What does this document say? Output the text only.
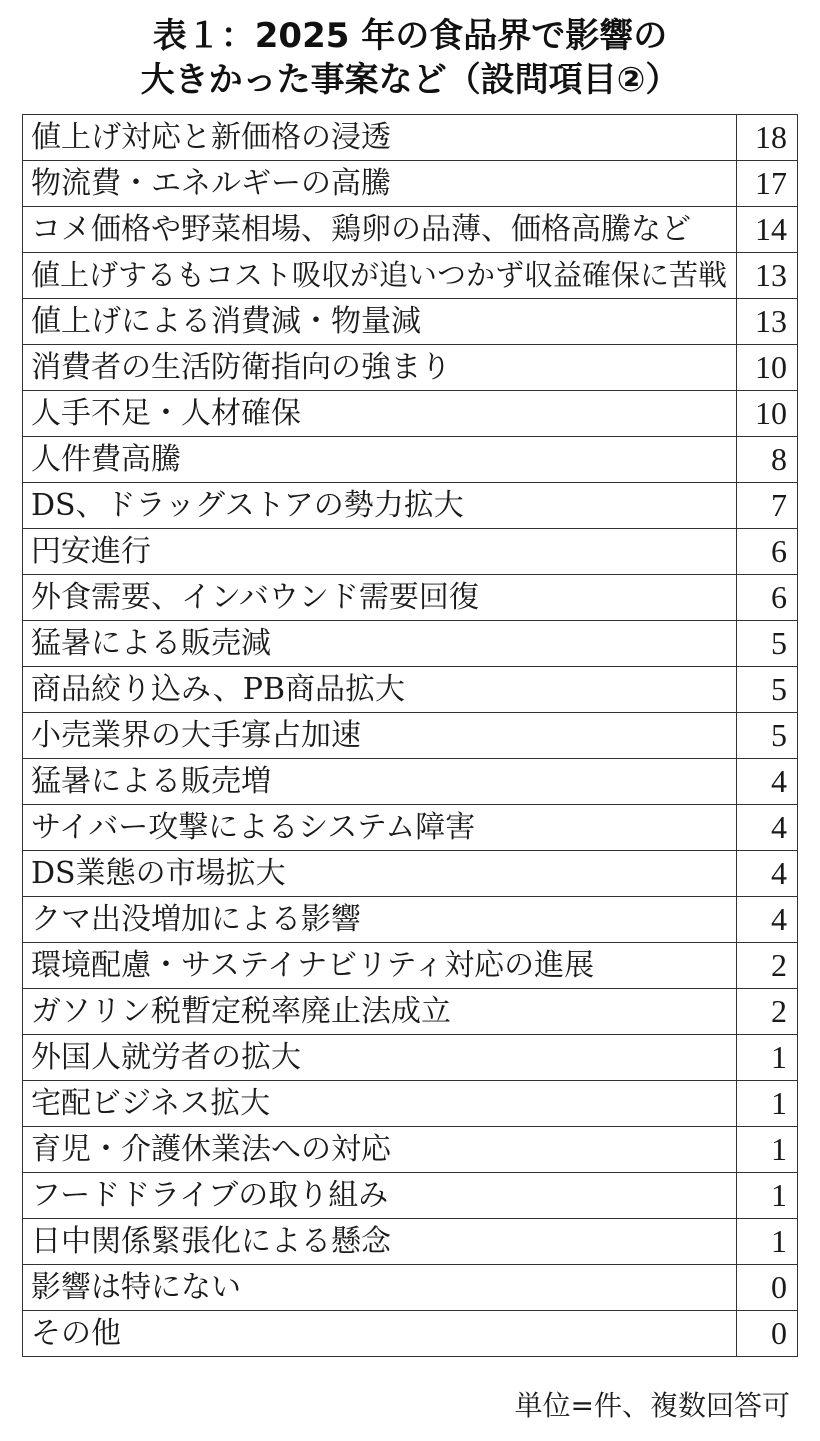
表１：2025 年の食品界で影響の
大きかった事案など（設問項目②）
値上げ対応と新価格の浸透	18
物流費・エネルギーの高騰	17
コメ価格や野菜相場、鶏卵の品薄、価格高騰など	14
値上げするもコスト吸収が追いつかず収益確保に苦戦	13
値上げによる消費減・物量減	13
消費者の生活防衛指向の強まり	10
人手不足・人材確保	10
人件費高騰	8
DS、ドラッグストアの勢力拡大	7
円安進行	6
外食需要、インバウンド需要回復	6
猛暑による販売減	5
商品絞り込み、PB商品拡大	5
小売業界の大手寡占加速	5
猛暑による販売増	4
サイバー攻撃によるシステム障害	4
DS業態の市場拡大	4
クマ出没増加による影響	4
環境配慮・サステイナビリティ対応の進展	2
ガソリン税暫定税率廃止法成立	2
外国人就労者の拡大	1
宅配ビジネス拡大	1
育児・介護休業法への対応	1
フードドライブの取り組み	1
日中関係緊張化による懸念	1
影響は特にない	0
その他	0
単位=件、複数回答可
